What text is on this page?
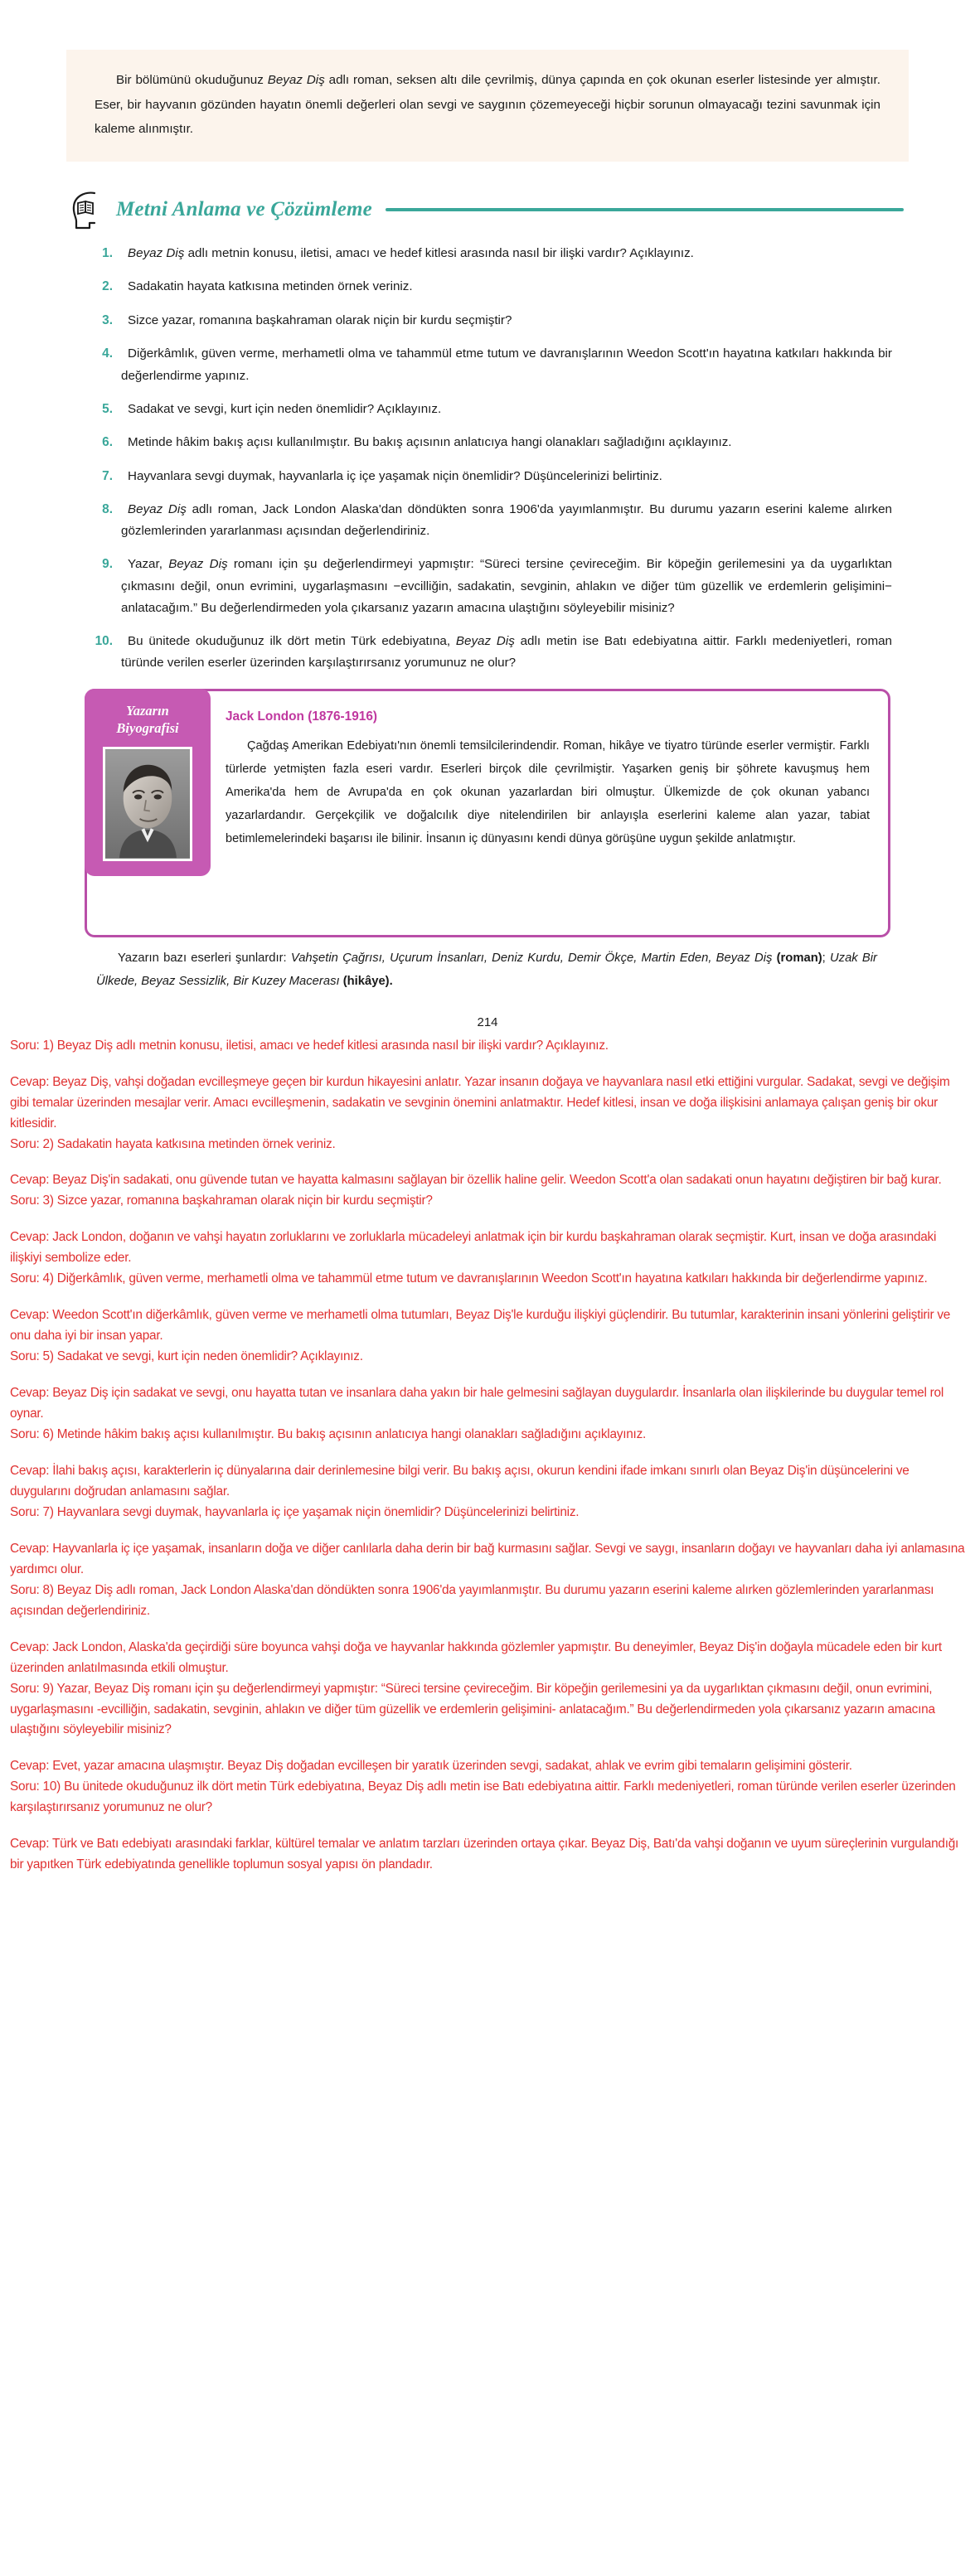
Bir bölümünü okuduğunuz Beyaz Diş adlı roman, seksen altı dile çevrilmiş, dünya çapında en çok okunan eserler listesinde yer almıştır. Eser, bir hayvanın gözünden hayatın önemli değerleri olan sevgi ve saygının çözemeyeceği hiçbir sorunun olmayacağı tezini savunmak için kaleme alınmıştır.

Metni Anlama ve Çözümleme
1.	Beyaz Diş adlı metnin konusu, iletisi, amacı ve hedef kitlesi arasında nasıl bir ilişki vardır? Açıklayınız.
2.	Sadakatin hayata katkısına metinden örnek veriniz.
3.	Sizce yazar, romanına başkahraman olarak niçin bir kurdu seçmiştir?
4.	Diğerkâmlık, güven verme, merhametli olma ve tahammül etme tutum ve davranışlarının Weedon Scott'ın hayatına katkıları hakkında bir değerlendirme yapınız.
5.	Sadakat ve sevgi, kurt için neden önemlidir? Açıklayınız.
6.	Metinde hâkim bakış açısı kullanılmıştır. Bu bakış açısının anlatıcıya hangi olanakları sağladığını açıklayınız.
7.	Hayvanlara sevgi duymak, hayvanlarla iç içe yaşamak niçin önemlidir? Düşüncelerinizi belirtiniz.
8.	Beyaz Diş adlı roman, Jack London Alaska'dan döndükten sonra 1906'da yayımlanmıştır. Bu durumu yazarın eserini kaleme alırken gözlemlerinden yararlanması açısından değerlendiriniz.
9.	Yazar, Beyaz Diş romanı için şu değerlendirmeyi yapmıştır: “Süreci tersine çevireceğim. Bir köpeğin gerilemesini ya da uygarlıktan çıkmasını değil, onun evrimini, uygarlaşmasını −evcilliğin, sadakatin, sevginin, ahlakın ve diğer tüm güzellik ve erdemlerin gelişimini− anlatacağım.” Bu değerlendirmeden yola çıkarsanız yazarın amacına ulaştığını söyleyebilir misiniz?
10.	Bu ünitede okuduğunuz ilk dört metin Türk edebiyatına, Beyaz Diş adlı metin ise Batı edebiyatına aittir. Farklı medeniyetleri, roman türünde verilen eserler üzerinden karşılaştırırsanız yorumunuz ne olur?
Yazarın
Biyografisi
Jack London (1876-1916)

Çağdaş Amerikan Edebiyatı'nın önemli temsilcilerindendir. Roman, hikâye ve tiyatro türünde eserler vermiştir. Farklı türlerde yetmişten fazla eseri vardır. Eserleri birçok dile çevrilmiştir. Yaşarken geniş bir şöhrete kavuşmuş hem Amerika'da hem de Avrupa'da en çok okunan yazarlardan biri olmuştur. Ülkemizde de çok okunan yabancı yazarlardandır. Gerçekçilik ve doğalcılık diye nitelendirilen bir anlayışla eserlerini kaleme alan yazar, tabiat betimlemelerindeki başarısı ile bilinir. İnsanın iç dünyasını kendi dünya görüşüne uygun şekilde anlatmıştır.

Yazarın bazı eserleri şunlardır: Vahşetin Çağrısı, Uçurum İnsanları, Deniz Kurdu, Demir Ökçe, Martin Eden, Beyaz Diş (roman); Uzak Bir Ülkede, Beyaz Sessizlik, Bir Kuzey Macerası (hikâye).
214

Soru: 1) Beyaz Diş adlı metnin konusu, iletisi, amacı ve hedef kitlesi arasında nasıl bir ilişki vardır? Açıklayınız.

Cevap: Beyaz Diş, vahşi doğadan evcilleşmeye geçen bir kurdun hikayesini anlatır. Yazar insanın doğaya ve hayvanlara nasıl etki ettiğini vurgular. Sadakat, sevgi ve değişim gibi temalar üzerinden mesajlar verir. Amacı evcilleşmenin, sadakatin ve sevginin önemini anlatmaktır. Hedef kitlesi, insan ve doğa ilişkisini anlamaya çalışan geniş bir okur kitlesidir.

Soru: 2) Sadakatin hayata katkısına metinden örnek veriniz.

Cevap: Beyaz Diş'in sadakati, onu güvende tutan ve hayatta kalmasını sağlayan bir özellik haline gelir. Weedon Scott'a olan sadakati onun hayatını değiştiren bir bağ kurar.

Soru: 3) Sizce yazar, romanına başkahraman olarak niçin bir kurdu seçmiştir?

Cevap: Jack London, doğanın ve vahşi hayatın zorluklarını ve zorluklarla mücadeleyi anlatmak için bir kurdu başkahraman olarak seçmiştir. Kurt, insan ve doğa arasındaki ilişkiyi sembolize eder.

Soru: 4) Diğerkâmlık, güven verme, merhametli olma ve tahammül etme tutum ve davranışlarının Weedon Scott'ın hayatına katkıları hakkında bir değerlendirme yapınız.

Cevap: Weedon Scott'ın diğerkâmlık, güven verme ve merhametli olma tutumları, Beyaz Diş'le kurduğu ilişkiyi güçlendirir. Bu tutumlar, karakterinin insani yönlerini geliştirir ve onu daha iyi bir insan yapar.

Soru: 5) Sadakat ve sevgi, kurt için neden önemlidir? Açıklayınız.

Cevap: Beyaz Diş için sadakat ve sevgi, onu hayatta tutan ve insanlara daha yakın bir hale gelmesini sağlayan duygulardır. İnsanlarla olan ilişkilerinde bu duygular temel rol oynar.

Soru: 6) Metinde hâkim bakış açısı kullanılmıştır. Bu bakış açısının anlatıcıya hangi olanakları sağladığını açıklayınız.

Cevap: İlahi bakış açısı, karakterlerin iç dünyalarına dair derinlemesine bilgi verir. Bu bakış açısı, okurun kendini ifade imkanı sınırlı olan Beyaz Diş'in düşüncelerini ve duygularını doğrudan anlamasını sağlar.

Soru: 7) Hayvanlara sevgi duymak, hayvanlarla iç içe yaşamak niçin önemlidir? Düşüncelerinizi belirtiniz.

Cevap: Hayvanlarla iç içe yaşamak, insanların doğa ve diğer canlılarla daha derin bir bağ kurmasını sağlar. Sevgi ve saygı, insanların doğayı ve hayvanları daha iyi anlamasına yardımcı olur.

Soru: 8) Beyaz Diş adlı roman, Jack London Alaska'dan döndükten sonra 1906'da yayımlanmıştır. Bu durumu yazarın eserini kaleme alırken gözlemlerinden yararlanması açısından değerlendiriniz.

Cevap: Jack London, Alaska'da geçirdiği süre boyunca vahşi doğa ve hayvanlar hakkında gözlemler yapmıştır. Bu deneyimler, Beyaz Diş'in doğayla mücadele eden bir kurt üzerinden anlatılmasında etkili olmuştur.

Soru: 9) Yazar, Beyaz Diş romanı için şu değerlendirmeyi yapmıştır: “Süreci tersine çevireceğim. Bir köpeğin gerilemesini ya da uygarlıktan çıkmasını değil, onun evrimini, uygarlaşmasını -evcilliğin, sadakatin, sevginin, ahlakın ve diğer tüm güzellik ve erdemlerin gelişimini- anlatacağım.” Bu değerlendirmeden yola çıkarsanız yazarın amacına ulaştığını söyleyebilir misiniz?

Cevap: Evet, yazar amacına ulaşmıştır. Beyaz Diş doğadan evcilleşen bir yaratık üzerinden sevgi, sadakat, ahlak ve evrim gibi temaların gelişimini gösterir.

Soru: 10) Bu ünitede okuduğunuz ilk dört metin Türk edebiyatına, Beyaz Diş adlı metin ise Batı edebiyatına aittir. Farklı medeniyetleri, roman türünde verilen eserler üzerinden karşılaştırırsanız yorumunuz ne olur?

Cevap: Türk ve Batı edebiyatı arasındaki farklar, kültürel temalar ve anlatım tarzları üzerinden ortaya çıkar. Beyaz Diş, Batı'da vahşi doğanın ve uyum süreçlerinin vurgulandığı bir yapıtken Türk edebiyatında genellikle toplumun sosyal yapısı ön plandadır.
